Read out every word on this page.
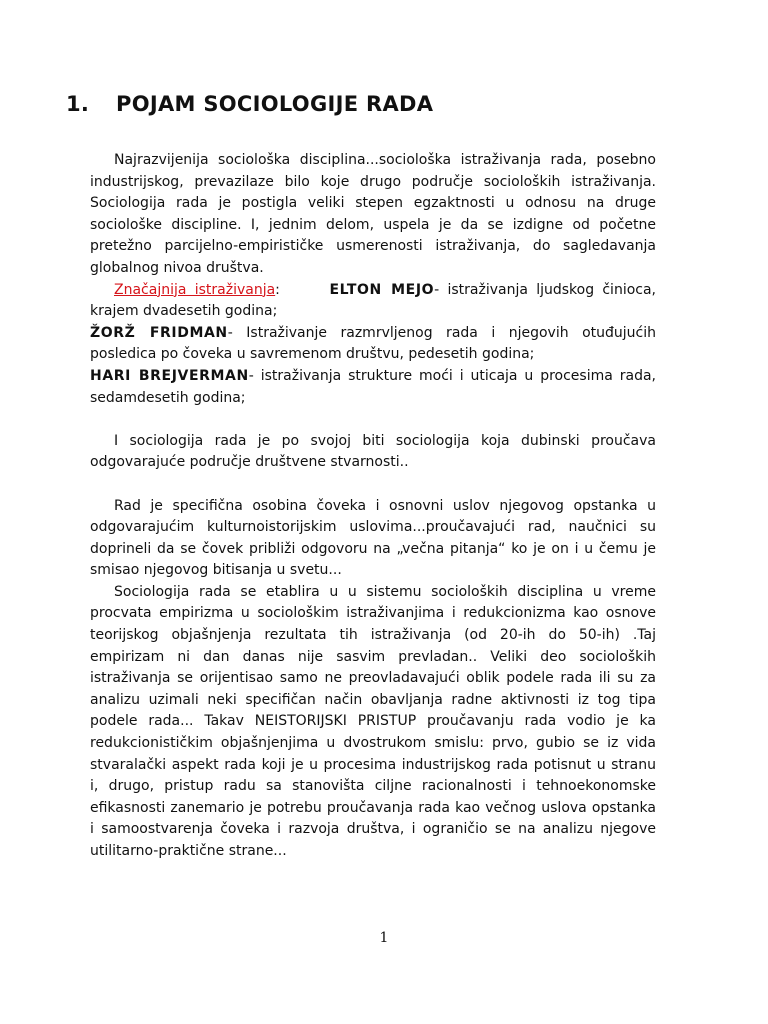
1. POJAM SOCIOLOGIJE RADA

Najrazvijenija sociološka disciplina...sociološka istraživanja rada, posebno industrijskog, prevazilaze bilo koje drugo područje socioloških istraživanja. Sociologija rada je postigla veliki stepen egzaktnosti u odnosu na druge sociološke discipline. I, jednim delom, uspela je da se izdigne od početne pretežno parcijelno-empirističke usmerenosti istraživanja, do sagledavanja globalnog nivoa društva.

Značajnija istraživanja:	ELTON MEJO- istraživanja ljudskog činioca, krajem dvadesetih godina;

ŽORŽ FRIDMAN- Istraživanje razmrvljenog rada i njegovih otuđujućih posledica po čoveka u savremenom društvu, pedesetih godina;

HARI BREJVERMAN- istraživanja strukture moći i uticaja u procesima rada, sedamdesetih godina;

I sociologija rada je po svojoj biti sociologija koja dubinski proučava odgovarajuće područje društvene stvarnosti..

Rad je specifična osobina čoveka i osnovni uslov njegovog opstanka u odgovarajućim kulturnoistorijskim uslovima...proučavajući rad, naučnici su doprineli da se čovek približi odgovoru na „večna pitanja“ ko je on i u čemu je smisao njegovog bitisanja u svetu...

Sociologija rada se etablira u u sistemu socioloških disciplina u vreme procvata empirizma u sociološkim istraživanjima i redukcionizma kao osnove teorijskog objašnjenja rezultata tih istraživanja (od 20-ih do 50-ih) .Taj empirizam ni dan danas nije sasvim prevladan.. Veliki deo socioloških istraživanja se orijentisao samo ne preovladavajući oblik podele rada ili su za analizu uzimali neki specifičan način obavljanja radne aktivnosti iz tog tipa podele rada... Takav NEISTORIJSKI PRISTUP proučavanju rada vodio je ka redukcionističkim objašnjenjima u dvostrukom smislu: prvo, gubio se iz vida stvaralački aspekt rada koji je u procesima industrijskog rada potisnut u stranu i, drugo, pristup radu sa stanovišta ciljne racionalnosti i tehnoekonomske efikasnosti zanemario je potrebu proučavanja rada kao večnog uslova opstanka i samoostvarenja čoveka i razvoja društva, i ograničio se na analizu njegove utilitarno-praktične strane...

1
